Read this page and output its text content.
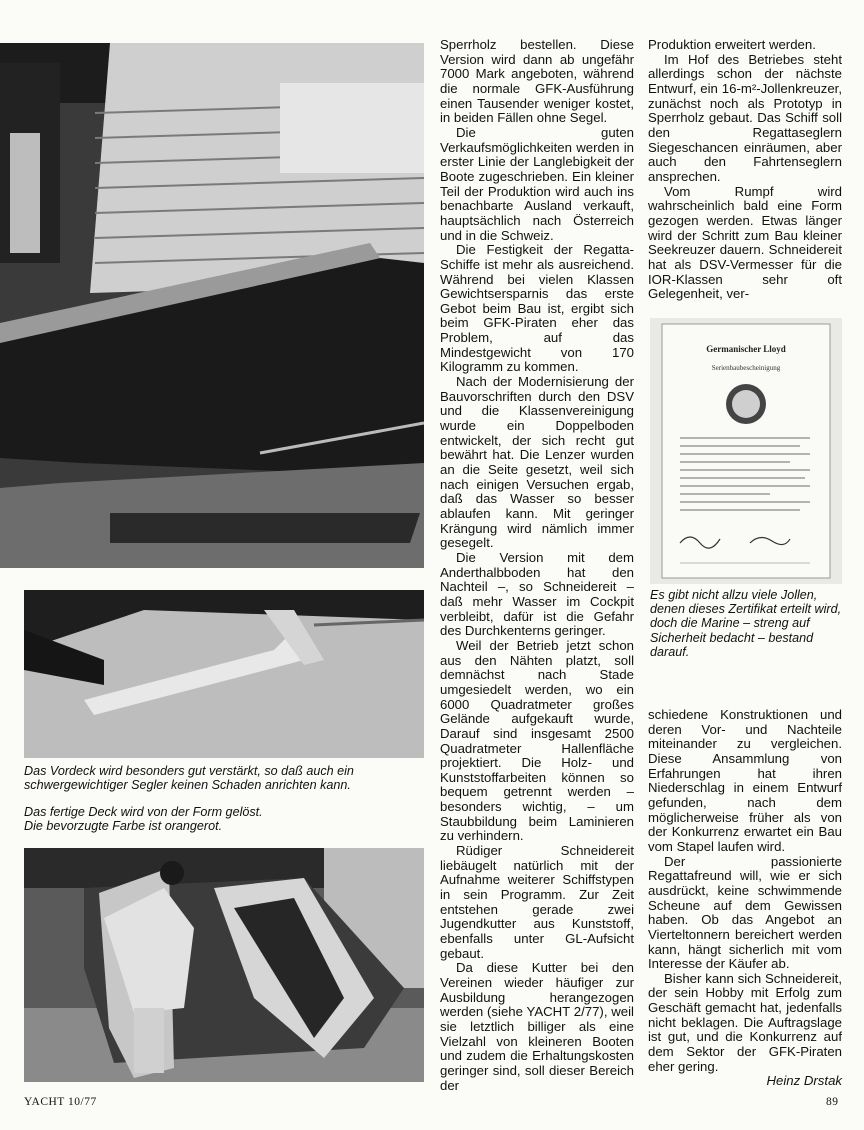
Das Vordeck wird besonders gut verstärkt, so daß auch ein schwergewichtiger Segler keinen Schaden anrichten kann.
Das fertige Deck wird von der Form gelöst. Die bevorzugte Farbe ist orangerot.

Sperrholz bestellen. Diese Version wird dann ab ungefähr 7000 Mark angeboten, während die normale GFK-Ausführung einen Tausender weniger kostet, in beiden Fällen ohne Segel.

Die guten Verkaufsmöglichkeiten werden in erster Linie der Langlebigkeit der Boote zugeschrieben. Ein kleiner Teil der Produktion wird auch ins benachbarte Ausland verkauft, hauptsächlich nach Österreich und in die Schweiz.

Die Festigkeit der Regatta-Schiffe ist mehr als ausreichend. Während bei vielen Klassen Gewichtsersparnis das erste Gebot beim Bau ist, ergibt sich beim GFK-Piraten eher das Problem, auf das Mindestgewicht von 170 Kilogramm zu kommen.

Nach der Modernisierung der Bauvorschriften durch den DSV und die Klassenvereinigung wurde ein Doppelboden entwickelt, der sich recht gut bewährt hat. Die Lenzer wurden an die Seite gesetzt, weil sich nach einigen Versuchen ergab, daß das Wasser so besser ablaufen kann. Mit geringer Krängung wird nämlich immer gesegelt.

Die Version mit dem Anderthalbboden hat den Nachteil –, so Schneidereit – daß mehr Wasser im Cockpit verbleibt, dafür ist die Gefahr des Durchkenterns geringer.

Weil der Betrieb jetzt schon aus den Nähten platzt, soll demnächst nach Stade umgesiedelt werden, wo ein 6000 Quadratmeter großes Gelände aufgekauft wurde, Darauf sind insgesamt 2500 Quadratmeter Hallenfläche projektiert. Die Holz- und Kunststoffarbeiten können so bequem getrennt werden – besonders wichtig, – um Staubbildung beim Laminieren zu verhindern.

Rüdiger Schneidereit liebäugelt natürlich mit der Aufnahme weiterer Schiffstypen in sein Programm. Zur Zeit entstehen gerade zwei Jugendkutter aus Kunststoff, ebenfalls unter GL-Aufsicht gebaut.

Da diese Kutter bei den Vereinen wieder häufiger zur Ausbildung herangezogen werden (siehe YACHT 2/77), weil sie letztlich billiger als eine Vielzahl von kleineren Booten und zudem die Erhaltungskosten geringer sind, soll dieser Bereich der

Produktion erweitert werden.

Im Hof des Betriebes steht allerdings schon der nächste Entwurf, ein 16-m²-Jollenkreuzer, zunächst noch als Prototyp in Sperrholz gebaut. Das Schiff soll den Regattaseglern Siegeschancen einräumen, aber auch den Fahrtenseglern ansprechen.

Vom Rumpf wird wahrscheinlich bald eine Form gezogen werden. Etwas länger wird der Schritt zum Bau kleiner Seekreuzer dauern. Schneidereit hat als DSV-Vermesser für die IOR-Klassen sehr oft Gelegenheit, ver-

Germanischer Lloyd
Serienbaubescheinigung
Es gibt nicht allzu viele Jollen, denen dieses Zertifikat erteilt wird, doch die Marine – streng auf Sicherheit bedacht – bestand darauf.

schiedene Konstruktionen und deren Vor- und Nachteile miteinander zu vergleichen. Diese Ansammlung von Erfahrungen hat ihren Niederschlag in einem Entwurf gefunden, nach dem möglicherweise früher als von der Konkurrenz erwartet ein Bau vom Stapel laufen wird.

Der passionierte Regattafreund will, wie er sich ausdrückt, keine schwimmende Scheune auf dem Gewissen haben. Ob das Angebot an Vierteltonnern bereichert werden kann, hängt sicherlich mit vom Interesse der Käufer ab.

Bisher kann sich Schneidereit, der sein Hobby mit Erfolg zum Geschäft gemacht hat, jedenfalls nicht beklagen. Die Auftragslage ist gut, und die Konkurrenz auf dem Sektor der GFK-Piraten eher gering.

Heinz Drstak

YACHT 10/77	89
